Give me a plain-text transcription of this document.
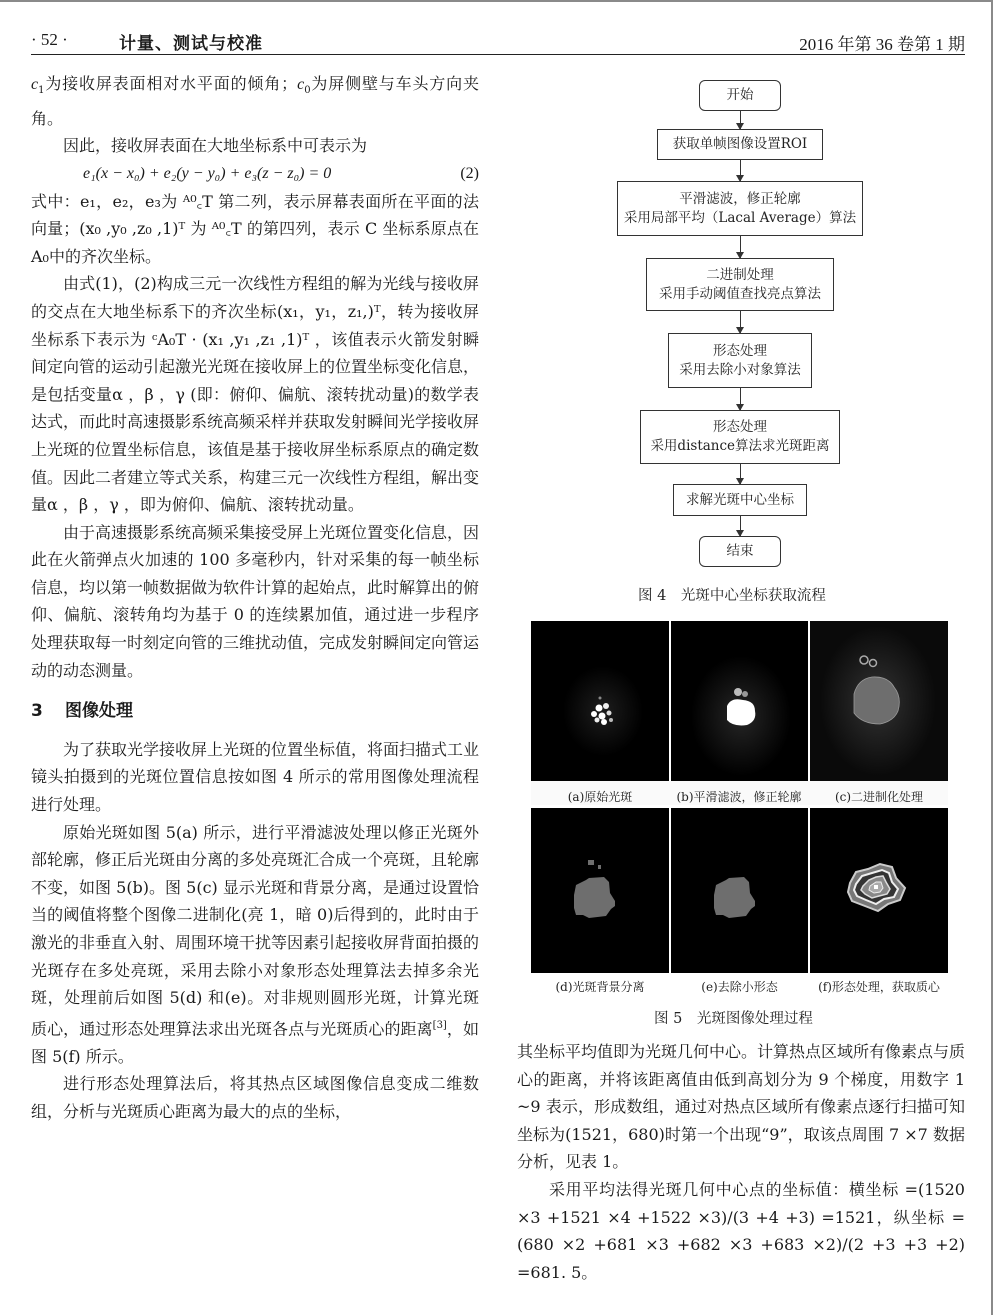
· 52 ·	计量、测试与校准	2016 年第 36 卷第 1 期

$c_1$为接收屏表面相对水平面的倾角；$c_0$为屏侧壁与车头方向夹角。

因此，接收屏表面在大地坐标系中可表示为

e₁(x − x₀) + e₂(y − y₀) + e₃(z − z₀) = 0	(2)

式中：e₁，e₂，e₃为 ᴬ⁰꜀T 第二列，表示屏幕表面所在平面的法向量；(x₀ ,y₀ ,z₀ ,1)ᵀ 为 ᴬ⁰꜀T 的第四列，表示 C 坐标系原点在 A₀中的齐次坐标。

由式(1)，(2)构成三元一次线性方程组的解为光线与接收屏的交点在大地坐标系下的齐次坐标(x₁，y₁，z₁,)ᵀ，转为接收屏坐标系下表示为 ᶜA₀T · (x₁ ,y₁ ,z₁ ,1)ᵀ ，该值表示火箭发射瞬间定向管的运动引起激光光斑在接收屏上的位置坐标变化信息，是包括变量α ，β ，γ (即：俯仰、偏航、滚转扰动量)的数学表达式，而此时高速摄影系统高频采样并获取发射瞬间光学接收屏上光斑的位置坐标信息，该值是基于接收屏坐标系原点的确定数值。因此二者建立等式关系，构建三元一次线性方程组，解出变量α ，β ，γ ，即为俯仰、偏航、滚转扰动量。

由于高速摄影系统高频采集接受屏上光斑位置变化信息，因此在火箭弹点火加速的 100 多毫秒内，针对采集的每一帧坐标信息，均以第一帧数据做为软件计算的起始点，此时解算出的俯仰、偏航、滚转角均为基于 0 的连续累加值，通过进一步程序处理获取每一时刻定向管的三维扰动值，完成发射瞬间定向管运动的动态测量。

3 图像处理

为了获取光学接收屏上光斑的位置坐标值，将面扫描式工业镜头拍摄到的光斑位置信息按如图 4 所示的常用图像处理流程进行处理。

原始光斑如图 5(a) 所示，进行平滑滤波处理以修正光斑外部轮廓，修正后光斑由分离的多处亮斑汇合成一个亮斑，且轮廓不变，如图 5(b)。图 5(c) 显示光斑和背景分离，是通过设置恰当的阈值将整个图像二进制化(亮 1，暗 0)后得到的，此时由于激光的非垂直入射、周围环境干扰等因素引起接收屏背面拍摄的光斑存在多处亮斑，采用去除小对象形态处理算法去掉多余光斑，处理前后如图 5(d) 和(e)。对非规则圆形光斑，计算光斑质心，通过形态处理算法求出光斑各点与光斑质心的距离[3]，如图 5(f) 所示。

进行形态处理算法后，将其热点区域图像信息变成二维数组，分析与光斑质心距离为最大的点的坐标，

开始
获取单帧图像设置ROI
平滑滤波，修正轮廓
采用局部平均（Lacal Average）算法
二进制处理
采用手动阈值查找亮点算法
形态处理
采用去除小对象算法
形态处理
采用distance算法求光斑距离
求解光斑中心坐标
结束
图 4　光斑中心坐标获取流程
(a)原始光斑	(b)平滑滤波，修正轮廓	(c)二进制化处理
(d)光斑背景分离	(e)去除小形态	(f)形态处理，获取质心
图 5　光斑图像处理过程

其坐标平均值即为光斑几何中心。计算热点区域所有像素点与质心的距离，并将该距离值由低到高划分为 9 个梯度，用数字 1 ~9 表示，形成数组，通过对热点区域所有像素点逐行扫描可知坐标为(1521，680)时第一个出现“9”，取该点周围 7 ×7 数据分析，见表 1。

采用平均法得光斑几何中心点的坐标值：横坐标 =(1520 ×3 +1521 ×4 +1522 ×3)/(3 +4 +3) =1521，纵坐标 =(680 ×2 +681 ×3 +682 ×3 +683 ×2)/(2 +3 +3 +2) =681. 5。
